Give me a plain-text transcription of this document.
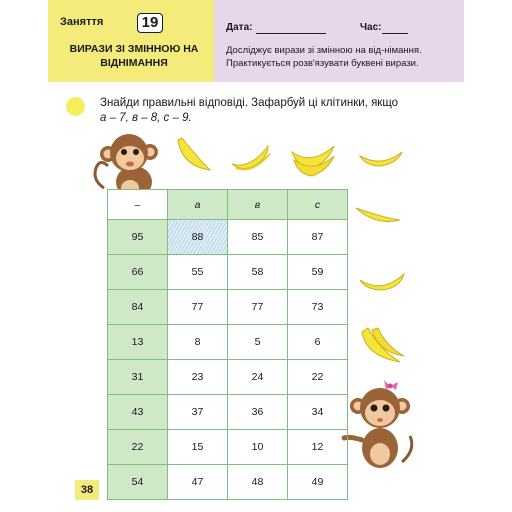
Заняття	19
ВИРАЗИ ЗІ ЗМІННОЮ НА ВІДНІМАННЯ
Дата:	Час:
Досліджує вирази зі змінною на від-німання. Практикується розв'язувати буквені вирази.
Знайди правильні відповіді. Зафарбуй ці клітинки, якщо
а – 7, в – 8, с – 9.
–	а	в	с
95	88	85	87
66	55	58	59
84	77	77	73
13	8	5	6
31	23	24	22
43	37	36	34
22	15	10	12
54	47	48	49
38
